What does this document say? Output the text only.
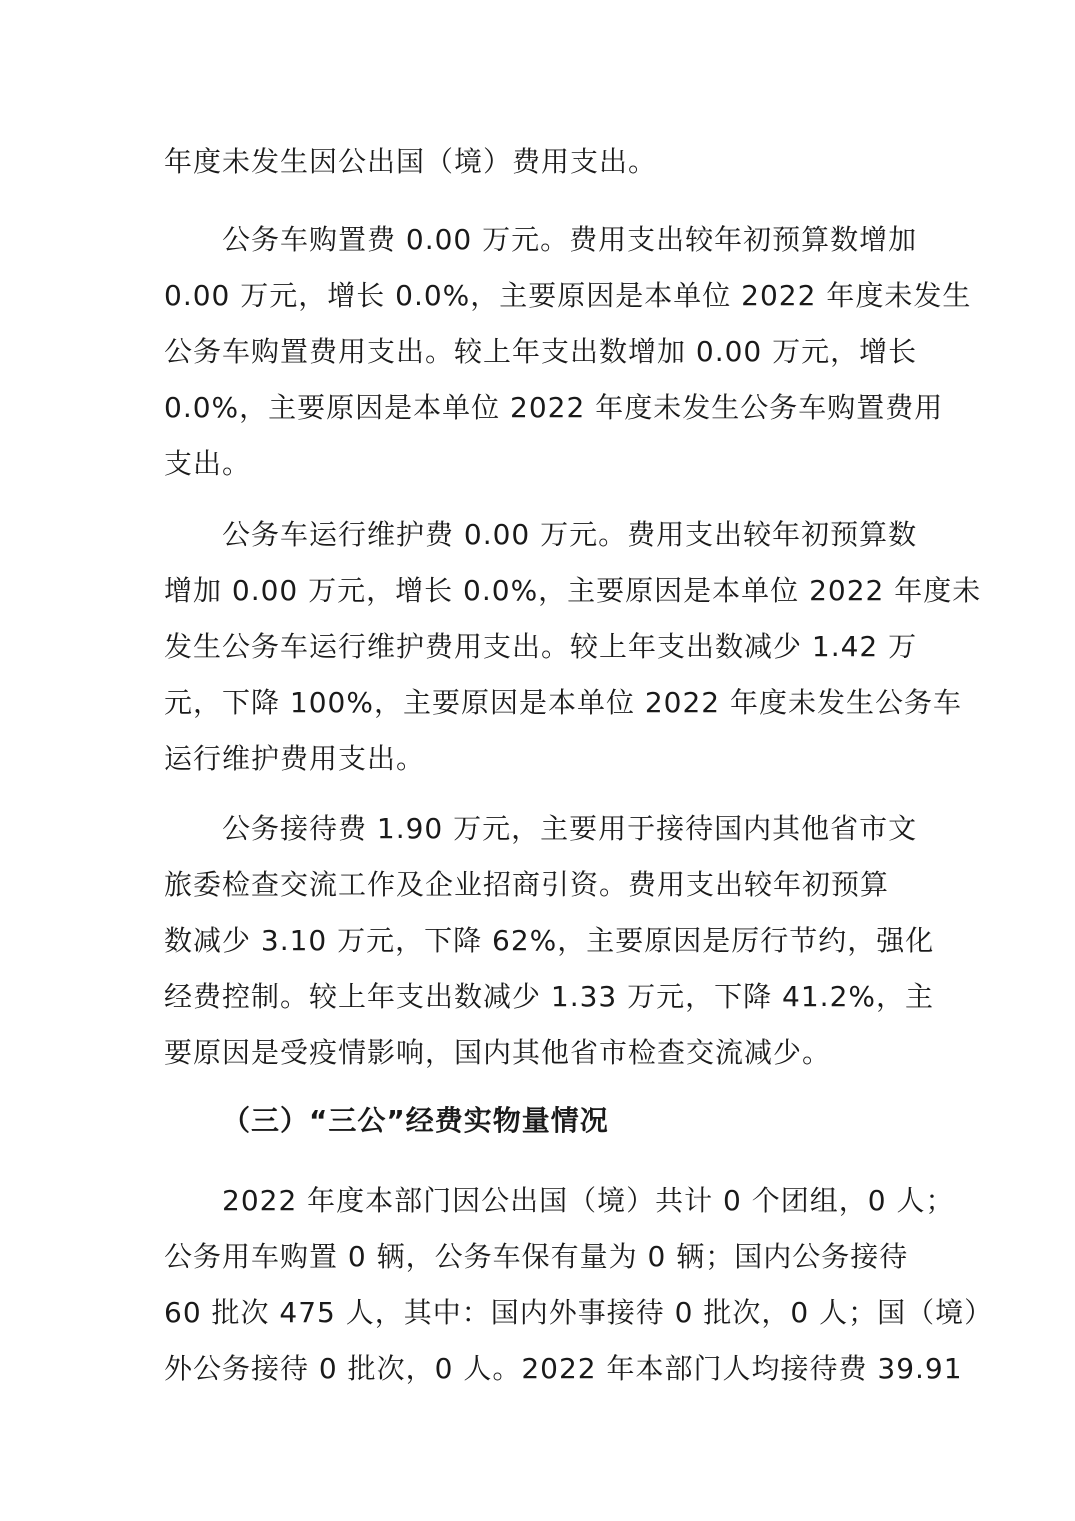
年度未发生因公出国（境）费用支出。
公务车购置费 0.00 万元。费用支出较年初预算数增加
0.00 万元，增长 0.0%，主要原因是本单位 2022 年度未发生
公务车购置费用支出。较上年支出数增加 0.00 万元，增长
0.0%，主要原因是本单位 2022 年度未发生公务车购置费用
支出。
公务车运行维护费 0.00 万元。费用支出较年初预算数
增加 0.00 万元，增长 0.0%，主要原因是本单位 2022 年度未
发生公务车运行维护费用支出。较上年支出数减少 1.42 万
元，下降 100%，主要原因是本单位 2022 年度未发生公务车
运行维护费用支出。
公务接待费 1.90 万元，主要用于接待国内其他省市文
旅委检查交流工作及企业招商引资。费用支出较年初预算
数减少 3.10 万元，下降 62%，主要原因是厉行节约，强化
经费控制。较上年支出数减少 1.33 万元，下降 41.2%，主
要原因是受疫情影响，国内其他省市检查交流减少。
（三）“三公”经费实物量情况
2022 年度本部门因公出国（境）共计 0 个团组，0 人；
公务用车购置 0 辆，公务车保有量为 0 辆；国内公务接待
60 批次 475 人，其中：国内外事接待 0 批次，0 人；国（境）
外公务接待 0 批次，0 人。2022 年本部门人均接待费 39.91
